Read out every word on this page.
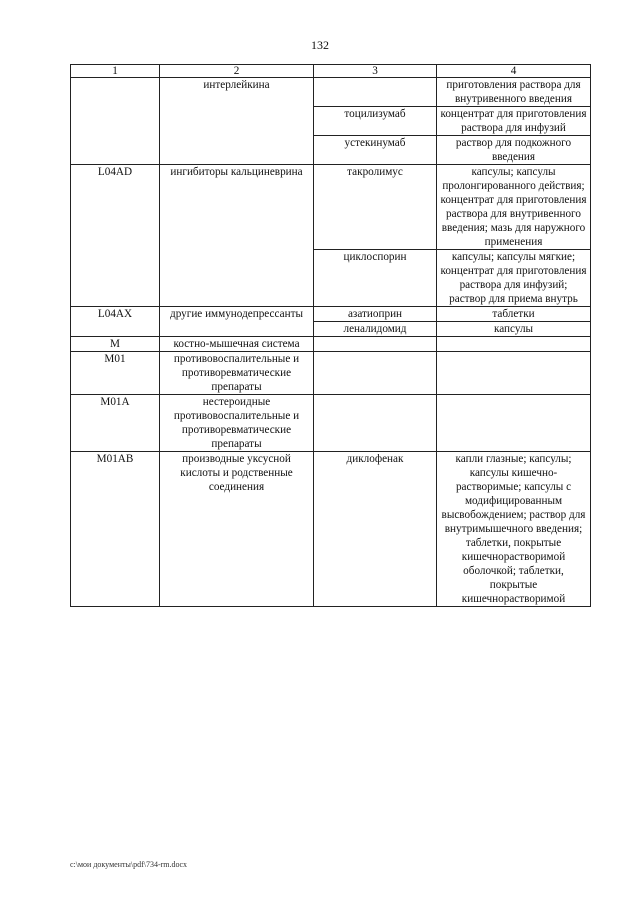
132
1	2	3	4
	интерлейкина		приготовления раствора для внутривенного введения
		тоцилизумаб	концентрат для приготовления раствора для инфузий
		устекинумаб	раствор для подкожного введения
L04AD	ингибиторы кальциневрина	такролимус	капсулы; капсулы пролонгированного действия; концентрат для приготовления раствора для внутривенного введения; мазь для наружного применения
		циклоспорин	капсулы; капсулы мягкие; концентрат для приготовления раствора для инфузий; раствор для приема внутрь
L04AX	другие иммунодепрессанты	азатиоприн	таблетки
		леналидомид	капсулы
M	костно-мышечная система		
M01	противовоспалительные и противоревматические препараты		
M01A	нестероидные противовоспалительные и противоревматические препараты		
M01AB	производные уксусной кислоты и родственные соединения	диклофенак	капли глазные; капсулы; капсулы кишечно-растворимые; капсулы с модифицированным высвобождением; раствор для внутримышечного введения; таблетки, покрытые кишечнорастворимой оболочкой; таблетки, покрытые кишечнорастворимой
c:\мои документы\pdf\734-rm.docx
